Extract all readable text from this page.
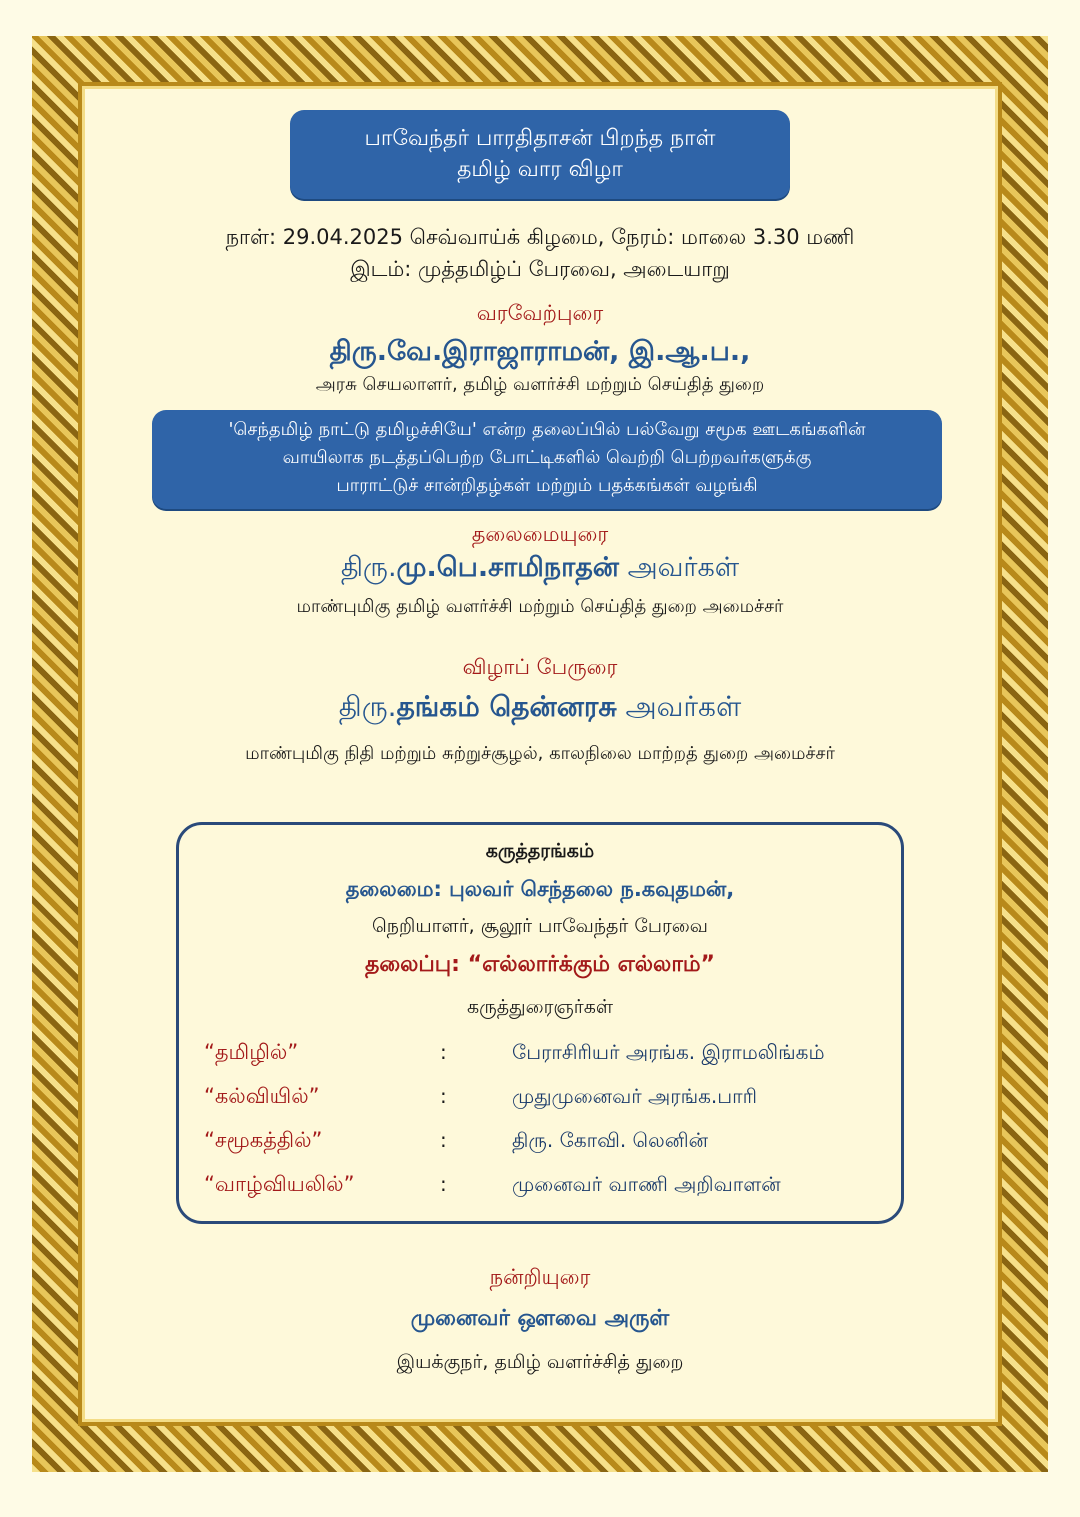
பாவேந்தர் பாரதிதாசன் பிறந்த நாள்
தமிழ் வார விழா
நாள்: 29.04.2025 செவ்வாய்க் கிழமை, நேரம்: மாலை 3.30 மணி
இடம்: முத்தமிழ்ப் பேரவை, அடையாறு
வரவேற்புரை
திரு.வே.இராஜாராமன், இ.ஆ.ப.,
அரசு செயலாளர், தமிழ் வளர்ச்சி மற்றும் செய்தித் துறை
'செந்தமிழ் நாட்டு தமிழச்சியே' என்ற தலைப்பில் பல்வேறு சமூக ஊடகங்களின்
வாயிலாக நடத்தப்பெற்ற போட்டிகளில் வெற்றி பெற்றவர்களுக்கு
பாராட்டுச் சான்றிதழ்கள் மற்றும் பதக்கங்கள் வழங்கி
தலைமையுரை
திரு.மு.பெ.சாமிநாதன் அவர்கள்
மாண்புமிகு தமிழ் வளர்ச்சி மற்றும் செய்தித் துறை அமைச்சர்
விழாப் பேருரை
திரு.தங்கம் தென்னரசு அவர்கள்
மாண்புமிகு நிதி மற்றும் சுற்றுச்சூழல், காலநிலை மாற்றத் துறை அமைச்சர்
கருத்தரங்கம்
தலைமை: புலவர் செந்தலை ந.கவுதமன்,
நெறியாளர், சூலூர் பாவேந்தர் பேரவை
தலைப்பு: “எல்லார்க்கும் எல்லாம்”
கருத்துரைஞர்கள்
“தமிழில்”	:	பேராசிரியர் அரங்க. இராமலிங்கம்
“கல்வியில்”	:	முதுமுனைவர் அரங்க.பாரி
“சமூகத்தில்”	:	திரு. கோவி. லெனின்
“வாழ்வியலில்”	:	முனைவர் வாணி அறிவாளன்
நன்றியுரை
முனைவர் ஔவை அருள்
இயக்குநர், தமிழ் வளர்ச்சித் துறை
